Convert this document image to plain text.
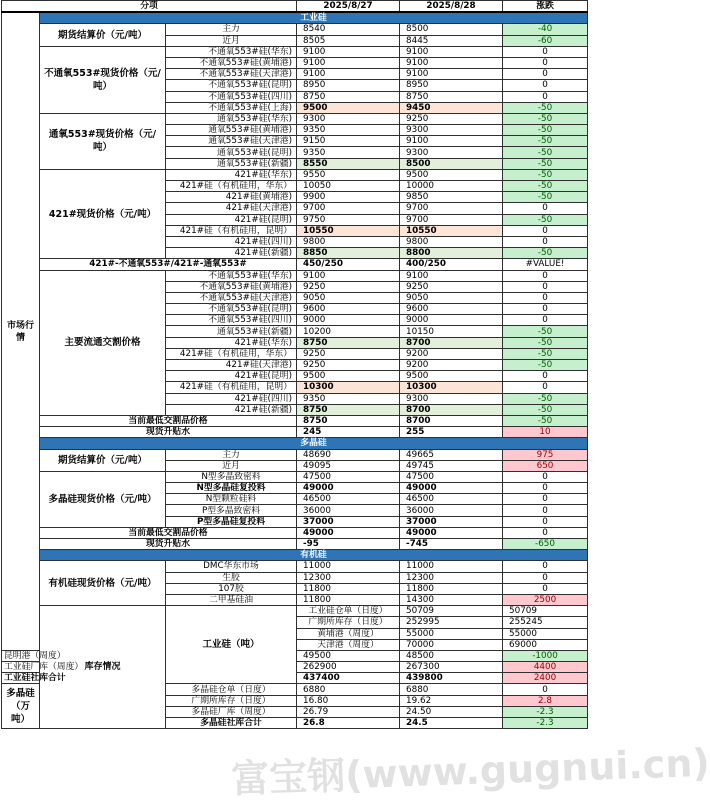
分项			2025/8/27	2025/8/28	涨跌	
市场行情	工业硅					
	期货结算价（元/吨）	主力	8540	8500	-40	
		近月	8505	8445	-60	
	不通氧553#现货价格（元/吨）	不通氧553#硅(华东)	9100	9100	0	
		不通氧553#硅(黄埔港)	9100	9100	0	
		不通氧553#硅(天津港)	9100	9100	0	
		不通氧553#硅(昆明)	8950	8950	0	
		不通氧553#硅(四川)	8750	8750	0	
		不通氧553#硅(上海)	9500	9450	-50	
	通氧553#现货价格（元/吨）	通氧553#硅(华东)	9300	9250	-50	
		通氧553#硅(黄埔港)	9350	9300	-50	
		通氧553#硅(天津港)	9150	9100	-50	
		通氧553#硅(昆明)	9350	9300	-50	
		通氧553#硅(新疆)	8550	8500	-50	
	421#现货价格（元/吨）	421#硅(华东)	9550	9500	-50	
		421#硅（有机硅用，华东）	10050	10000	-50	
		421#硅(黄埔港)	9900	9850	-50	
		421#硅(天津港)	9700	9700	0	
		421#硅(昆明)	9750	9700	-50	
		421#硅（有机硅用，昆明）	10550	10550	0	
		421#硅(四川)	9800	9800	0	
		421#硅(新疆)	8850	8800	-50	
	421#-不通氧553#/421#-通氧553#		450/250	400/250	#VALUE!	
	主要流通交割价格	不通氧553#硅(华东)	9100	9100	0	
		不通氧553#硅(黄埔港)	9250	9250	0	
		不通氧553#硅(天津港)	9050	9050	0	
		不通氧553#硅(昆明)	9600	9600	0	
		不通氧553#硅(四川)	9000	9000	0	
		通氧553#硅(新疆)	10200	10150	-50	
		421#硅(华东)	8750	8700	-50	
		421#硅（有机硅用，华东）	9250	9200	-50	
		421#硅(天津港)	9250	9200	-50	
		421#硅(昆明)	9500	9500	0	
		421#硅（有机硅用，昆明）	10300	10300	0	
		421#硅(四川)	9350	9300	-50	
		421#硅(新疆)	8750	8700	-50	
	当前最低交割品价格		8750	8700	-50	
	现货升贴水		245	255	10	
	多晶硅					
	期货结算价（元/吨）	主力	48690	49665	975	
		近月	49095	49745	650	
	多晶硅现货价格（元/吨）	N型多晶致密料	47500	47500	0	
		N型多晶硅复投料	49000	49000	0	
		N型颗粒硅料	46500	46500	0	
		P型多晶致密料	36000	36000	0	
		P型多晶硅复投料	37000	37000	0	
	当前最低交割品价格		49000	49000	0	
	现货升贴水		-95	-745	-650	
	有机硅					
	有机硅现货价格（元/吨）	DMC华东市场	11000	11000	0	
		生胶	12300	12300	0	
		107胶	11800	11800	0	
		二甲基硅油	11800	14300	2500	
	库存情况	工业硅（吨）	工业硅仓单（日度）	50709	50709	
			广期所库存（日度）	252995	255245	
			黄埔港（周度）	55000	55000	
			天津港（周度）	70000	69000	
昆明港（周度）			49500	48500	-1000	
工业硅厂库（周度）			262900	267300	4400	
工业硅社库合计			437400	439800	2400	
多晶硅（万吨）		多晶硅仓单（日度）	6880	6880	0	
		广期所库存（日度）	16.80	19.62	2.8	
		多晶硅厂库（周度）	26.79	24.50	-2.3	
		多晶硅社库合计	26.8	24.5	-2.3	
富宝钢(www.gugnui.cn)
